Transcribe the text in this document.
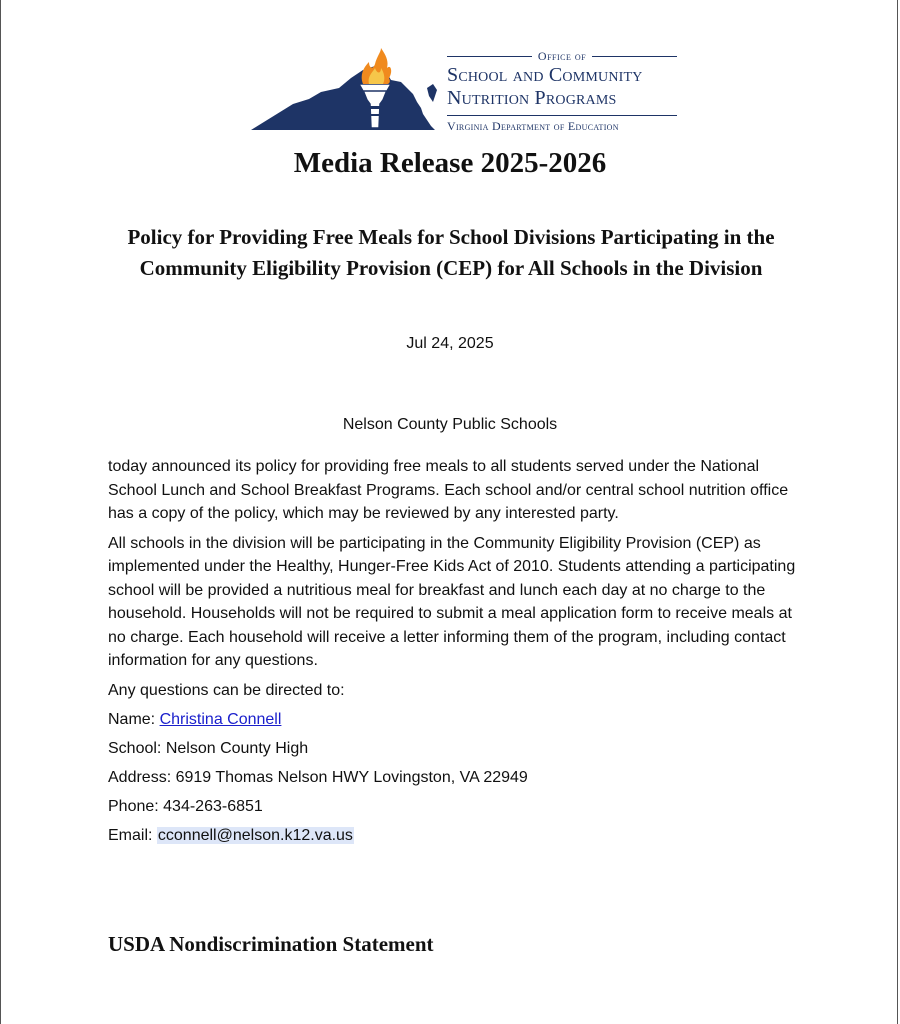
Office of
School and Community
Nutrition Programs
Virginia Department of Education
Media Release 2025-2026
Policy for Providing Free Meals for School Divisions Participating in the Community Eligibility Provision (CEP) for All Schools in the Division
Jul 24, 2025
Nelson County Public Schools

today announced its policy for providing free meals to all students served under the National School Lunch and School Breakfast Programs. Each school and/or central school nutrition office has a copy of the policy, which may be reviewed by any interested party.

All schools in the division will be participating in the Community Eligibility Provision (CEP) as implemented under the Healthy, Hunger-Free Kids Act of 2010. Students attending a participating school will be provided a nutritious meal for breakfast and lunch each day at no charge to the household. Households will not be required to submit a meal application form to receive meals at no charge. Each household will receive a letter informing them of the program, including contact information for any questions.

Any questions can be directed to:

Name: Christina Connell

School: Nelson County High

Address: 6919 Thomas Nelson HWY Lovingston, VA 22949

Phone: 434-263-6851

Email: cconnell@nelson.k12.va.us

USDA Nondiscrimination Statement
